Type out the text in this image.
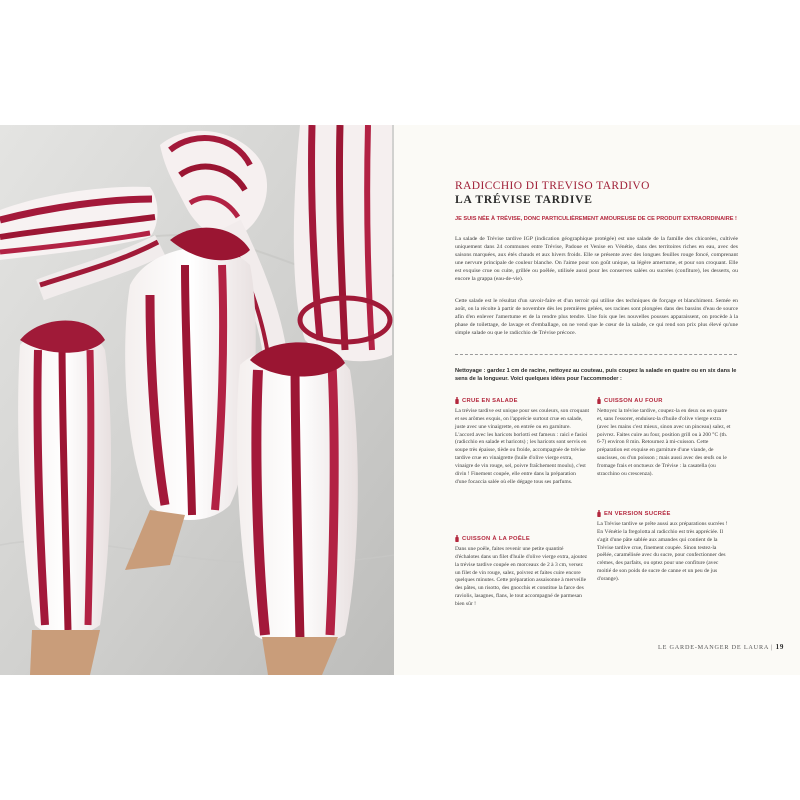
RADICCHIO DI TREVISO TARDIVO
LA TRÉVISE TARDIVE
JE SUIS NÉE À TRÉVISE, DONC PARTICULIÈREMENT AMOUREUSE DE CE PRODUIT EXTRAORDINAIRE !
La salade de Trévise tardive IGP (indication géographique protégée) est une salade de la famille des chicorées, cultivée uniquement dans 24 communes entre Trévise, Padoue et Venise en Vénétie, dans des territoires riches en eau, avec des saisons marquées, aux étés chauds et aux hivers froids. Elle se présente avec des longues feuilles rouge foncé, comprenant une nervure principale de couleur blanche. On l'aime pour son goût unique, sa légère amertume, et pour son croquant. Elle est exquise crue ou cuite, grillée ou poêlée, utilisée aussi pour les conserves salées ou sucrées (confiture), les desserts, ou encore la grappa (eau-de-vie).
Cette salade est le résultat d'un savoir-faire et d'un terroir qui utilise des techniques de forçage et blanchiment. Semée en août, on la récolte à partir de novembre dès les premières gelées, ses racines sont plongées dans des bassins d'eau de source afin d'en enlever l'amertume et de la rendre plus tendre. Une fois que les nouvelles pousses apparaissent, on procède à la phase de toilettage, de lavage et d'emballage, on ne vend que le cœur de la salade, ce qui rend son prix plus élevé qu'une simple salade ou que le radicchio de Trévise précoce.
Nettoyage : gardez 1 cm de racine, nettoyez au couteau, puis coupez la salade en quatre ou en six dans le sens de la longueur. Voici quelques idées pour l'accommoder :
CRUE EN SALADE
La trévise tardive est unique pour ses couleurs, son croquant et ses arômes exquis, on l'apprécie surtout crue en salade, juste avec une vinaigrette, en entrée ou en garniture. L'accord avec les haricots borlotti est fameux : raicì e fasioi (radicchio en salade et haricots) ; les haricots sont servis en soupe très épaisse, tiède ou froide, accompagnée de trévise tardive crue en vinaigrette (huile d'olive vierge extra, vinaigre de vin rouge, sel, poivre fraîchement moulu), c'est divin ! Finement coupée, elle entre dans la préparation d'une focaccia salée où elle dégage tous ses parfums.
CUISSON À LA POÊLE
Dans une poêle, faites revenir une petite quantité d'échalotes dans un filet d'huile d'olive vierge extra, ajoutez la trévise tardive coupée en morceaux de 2 à 3 cm, versez un filet de vin rouge, salez, poivrez et faites cuire encore quelques minutes. Cette préparation assaisonne à merveille des pâtes, un risotto, des gnocchis et constitue la farce des raviolis, lasagnes, flans, le tout accompagné de parmesan bien sûr !
CUISSON AU FOUR
Nettoyez la trévise tardive, coupez-la en deux ou en quatre et, sans l'essorer, enduisez-la d'huile d'olive vierge extra (avec les mains c'est mieux, sinon avec un pinceau) salez, et poivrez. Faites cuire au four, position grill ou à 200 °C (th. 6-7) environ 8 min. Retournez à mi-cuisson. Cette préparation est exquise en garniture d'une viande, de saucisses, ou d'un poisson ; mais aussi avec des œufs ou le fromage frais et onctueux de Trévise : la casatella (ou stracchino ou crescenza).
EN VERSION SUCRÉE
La Trévise tardive se prête aussi aux préparations sucrées ! En Vénétie la fregolotta al radicchio est très appréciée. Il s'agit d'une pâte sablée aux amandes qui contient de la Trévise tardive crue, finement coupée. Sinon testez-la poêlée, caramélisée avec du sucre, pour confectionner des crèmes, des parfaits, ou optez pour une confiture (avec moitié de son poids de sucre de canne et un peu de jus d'orange).
LE GARDE-MANGER DE LAURA | 19
